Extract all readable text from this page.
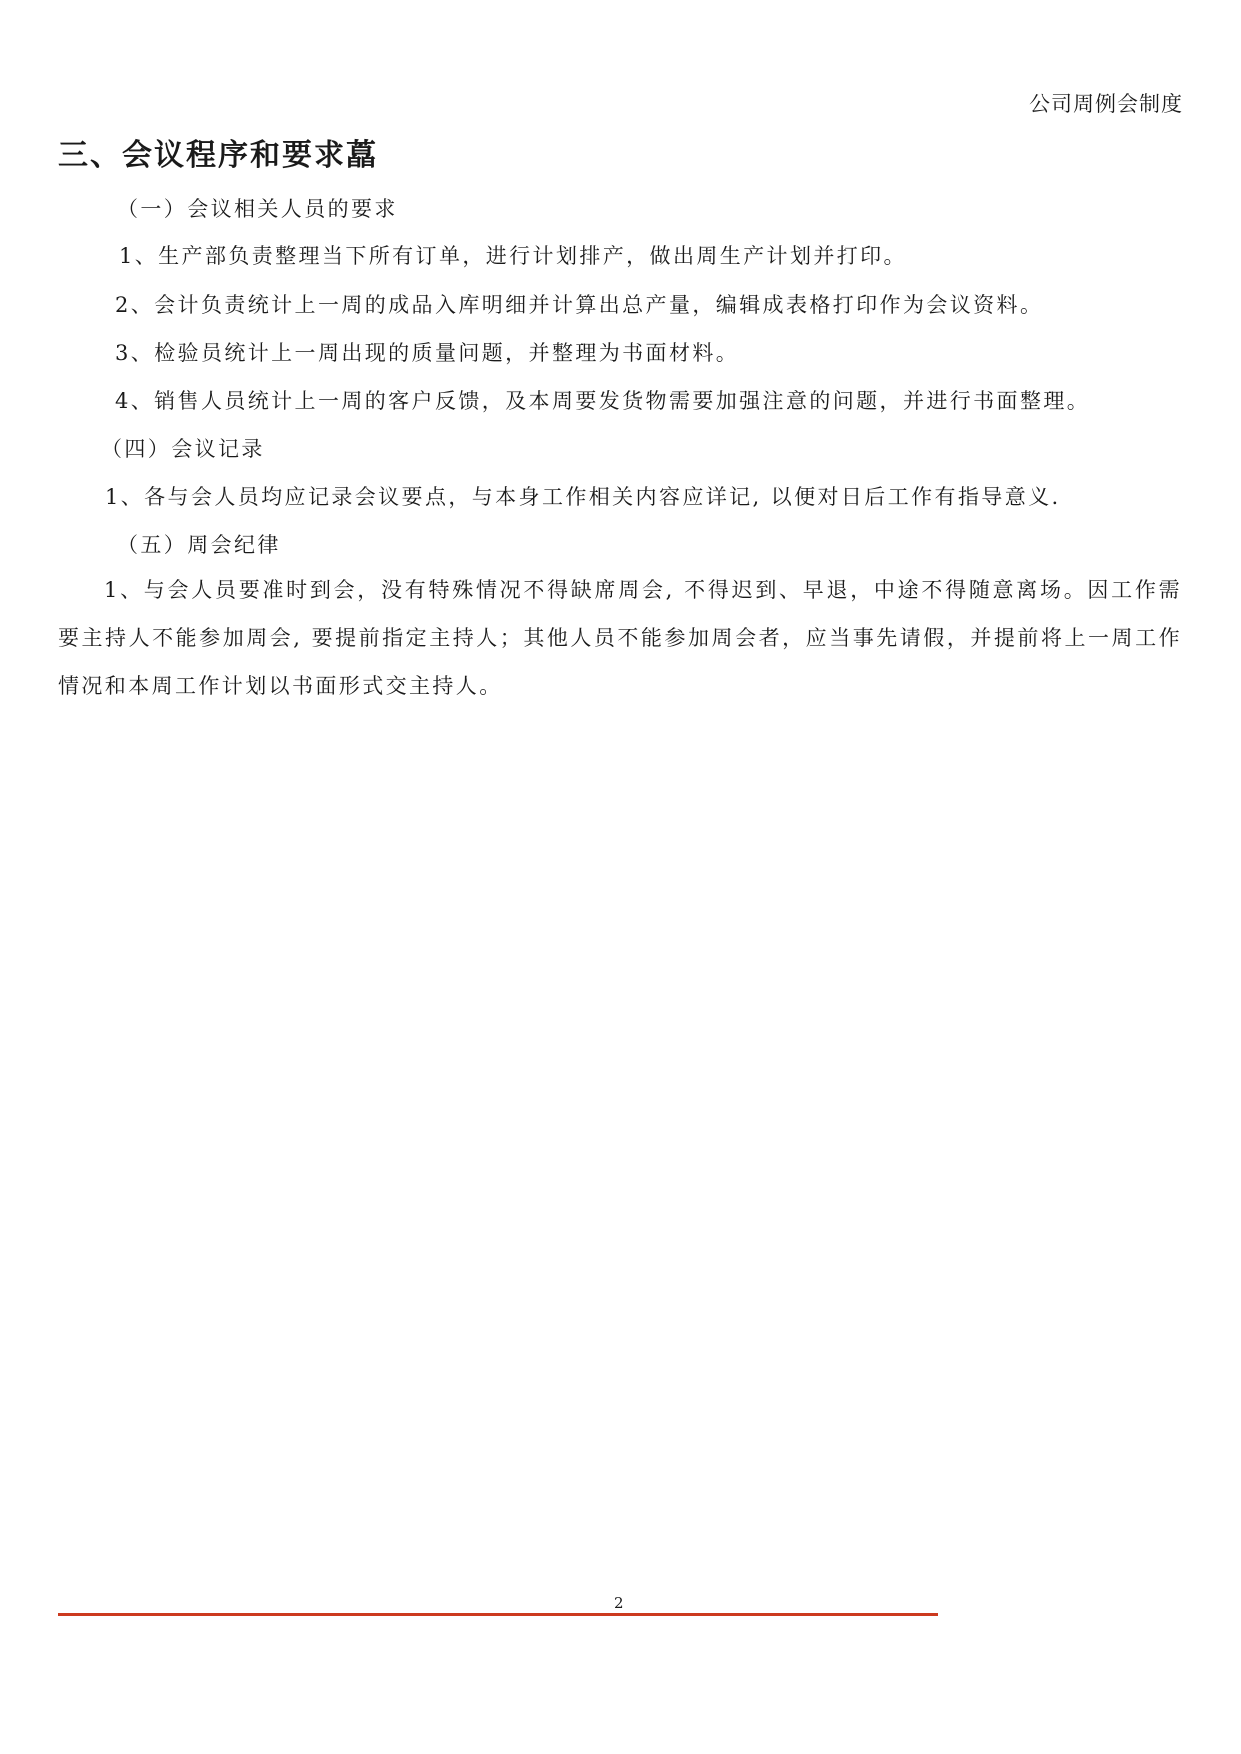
公司周例会制度
三、会议程序和要求藠
（一）会议相关人员的要求
1、生产部负责整理当下所有订单，进行计划排产，做出周生产计划并打印。
2、会计负责统计上一周的成品入库明细并计算出总产量，编辑成表格打印作为会议资料。
3、检验员统计上一周出现的质量问题，并整理为书面材料。
4、销售人员统计上一周的客户反馈，及本周要发货物需要加强注意的问题，并进行书面整理。
（四）会议记录
1、各与会人员均应记录会议要点，与本身工作相关内容应详记, 以便对日后工作有指导意义.
（五）周会纪律
1、与会人员要准时到会，没有特殊情况不得缺席周会, 不得迟到、早退，中途不得随意离场。因工作需要主持人不能参加周会, 要提前指定主持人；其他人员不能参加周会者，应当事先请假，并提前将上一周工作情况和本周工作计划以书面形式交主持人。
2
